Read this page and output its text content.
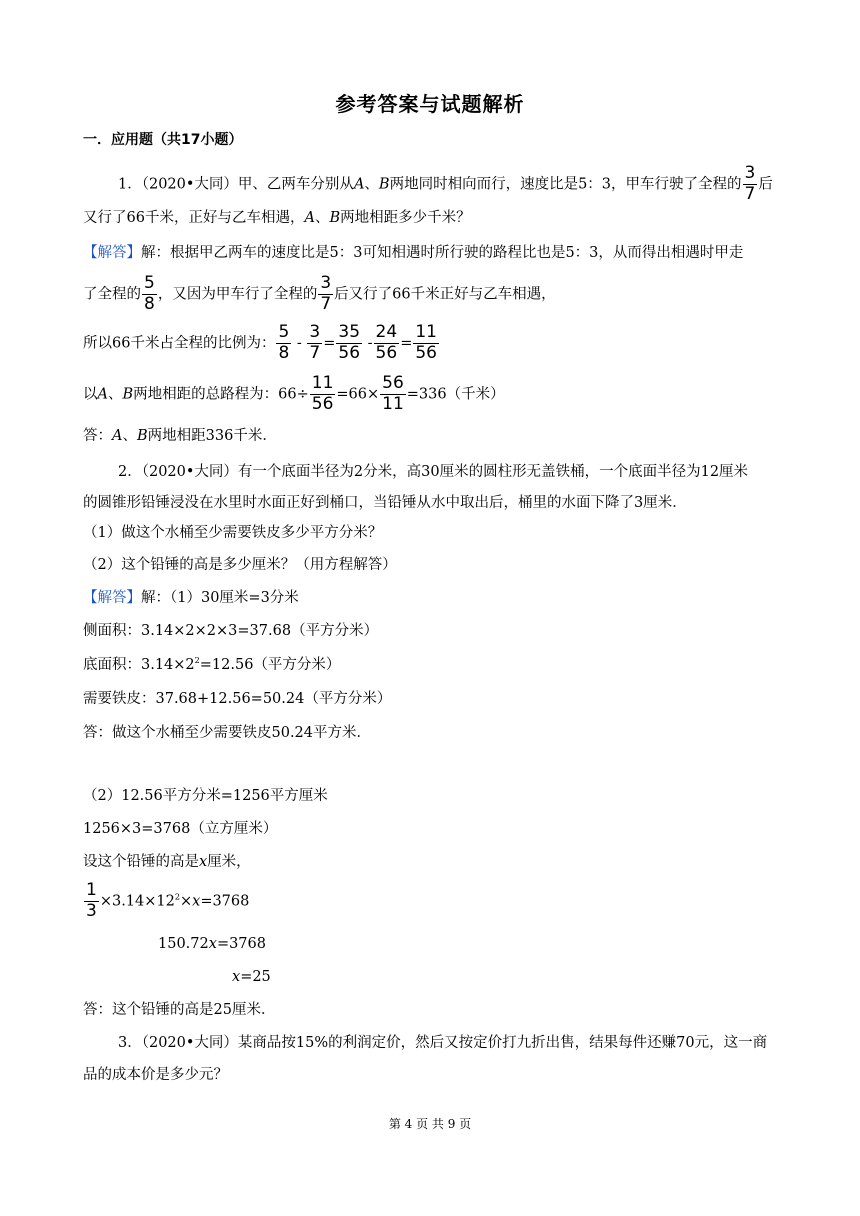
参考答案与试题解析
一．应用题（共17小题）
1．（2020•大同）甲、乙两车分别从A、B两地同时相向而行，速度比是5：3，甲车行驶了全程的 $\frac{3}{7}$ 后
又行了66千米，正好与乙车相遇，A、B两地相距多少千米？
【解答】解：根据甲乙两车的速度比是5：3可知相遇时所行驶的路程比也是5：3，从而得出相遇时甲走
了全程的 $\frac{5}{8}$ ，又因为甲车行了全程的 $\frac{3}{7}$ 后又行了66千米正好与乙车相遇，
所以66千米占全程的比例为： $\frac{5}{8} - \frac{3}{7} = \frac{35}{56} - \frac{24}{56} = \frac{11}{56}$
以A、B两地相距的总路程为：$66\div \frac{11}{56} =66\times \frac{56}{11} =336$（千米）
答：A、B两地相距336千米．
2．（2020•大同）有一个底面半径为2分米，高30厘米的圆柱形无盖铁桶，一个底面半径为12厘米
的圆锥形铅锤浸没在水里时水面正好到桶口，当铅锤从水中取出后，桶里的水面下降了3厘米．
（1）做这个水桶至少需要铁皮多少平方分米？
（2）这个铅锤的高是多少厘米？（用方程解答）
【解答】解：（1）30厘米=3分米
侧面积：3.14×2×2×3=37.68（平方分米）
底面积：$3.14\times 2^2=12.56$（平方分米）
需要铁皮：37.68+12.56=50.24（平方分米）
答：做这个水桶至少需要铁皮50.24平方米．
（2）12.56平方分米=1256平方厘米
1256×3=3768（立方厘米）
设这个铅锤的高是x厘米，
$\frac{1}{3} \times 3.14\times 12^2\times x=3768$
150.72x=3768
x=25
答：这个铅锤的高是25厘米．
3．（2020•大同）某商品按15%的利润定价，然后又按定价打九折出售，结果每件还赚70元，这一商
品的成本价是多少元？
第 4 页 共 9 页
